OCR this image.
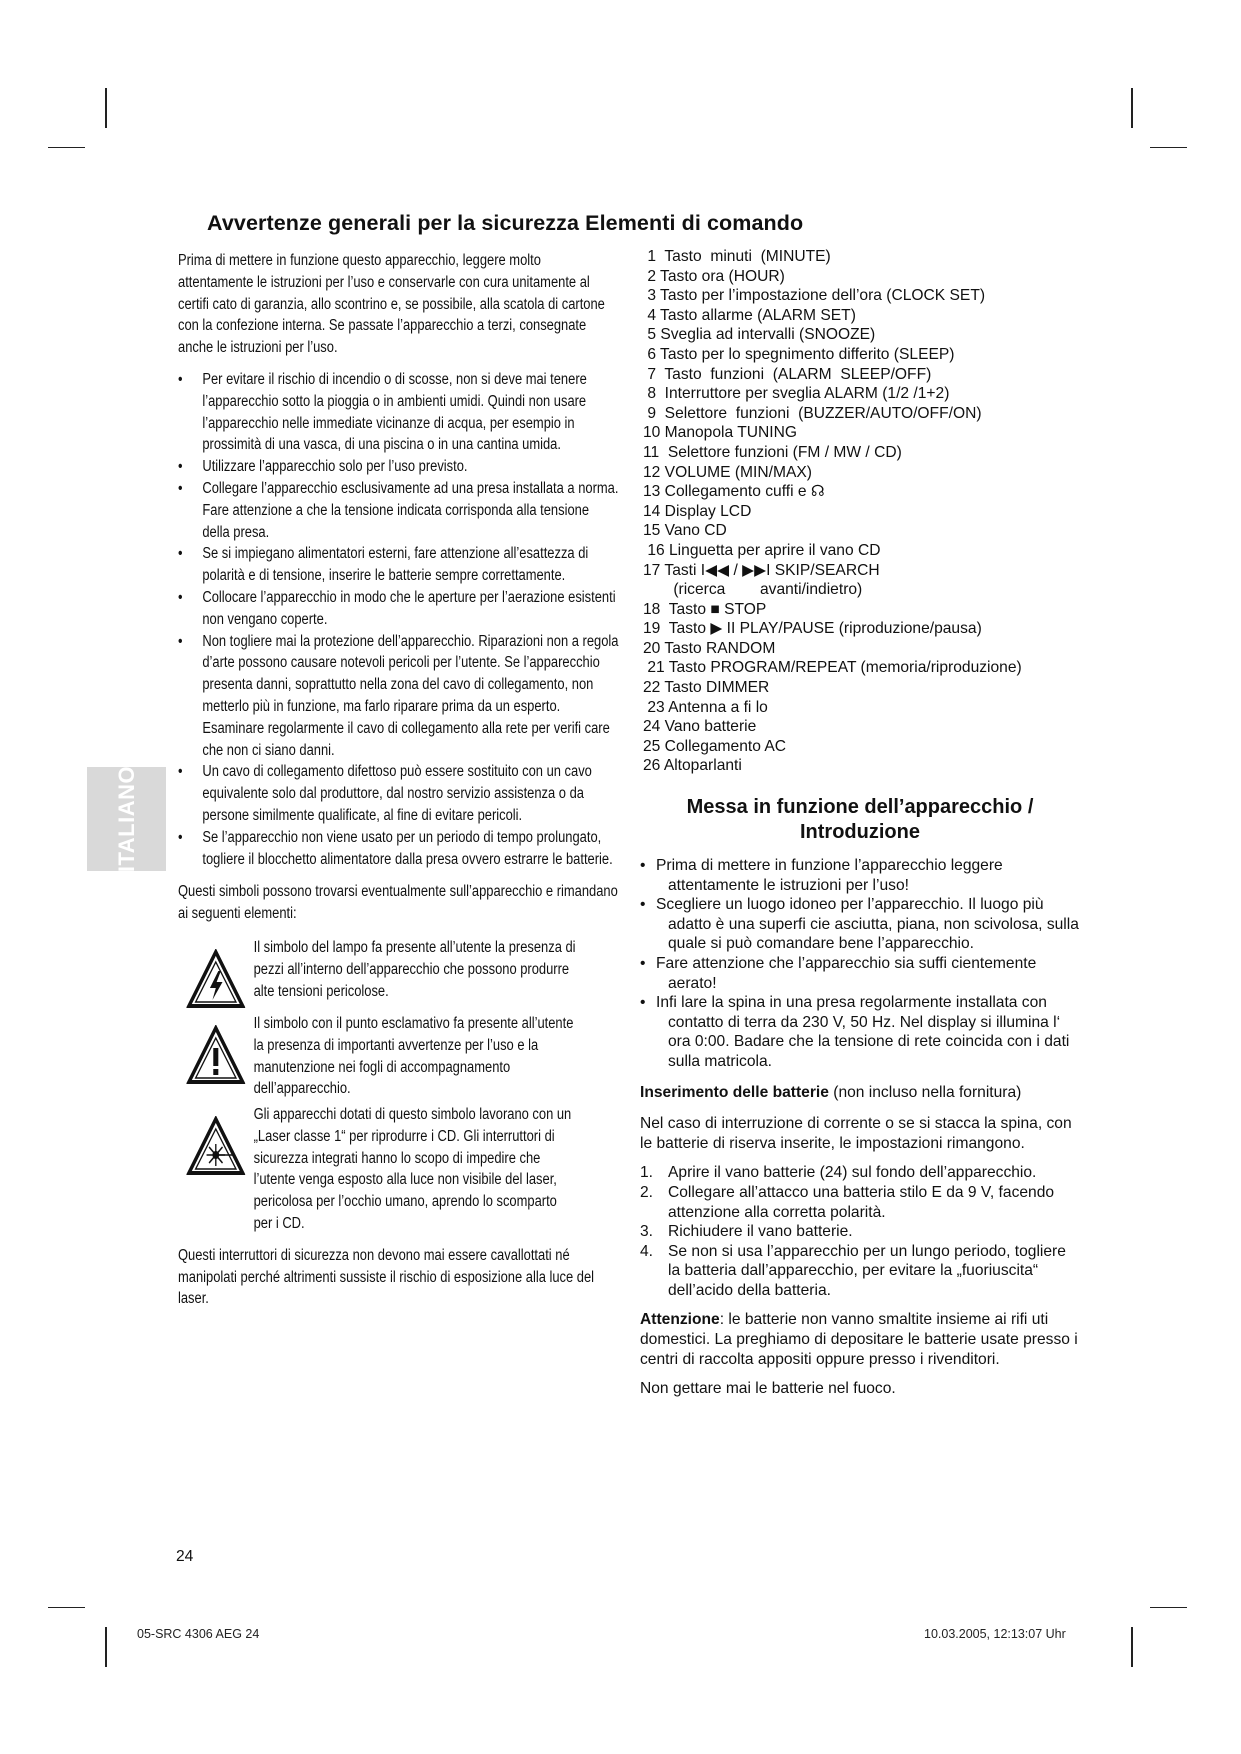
Avvertenze generali per la sicurezza Elementi di comando
ITALIANO

Prima di mettere in funzione questo apparecchio, leggere molto attentamente le istruzioni per l’uso e conservarle con cura unitamente al certifi cato di garanzia, allo scontrino e, se possibile, alla scatola di cartone con la confezione interna. Se passate l’apparecchio a terzi, consegnate anche le istruzioni per l’uso.

• Per evitare il rischio di incendio o di scosse, non si deve mai tenere l’apparecchio sotto la pioggia o in ambienti umidi. Quindi non usare l’apparecchio nelle immediate vicinanze di acqua, per esempio in prossimità di una vasca, di una piscina o in una cantina umida.
• Utilizzare l’apparecchio solo per l’uso previsto.
• Collegare l’apparecchio esclusivamente ad una presa installata a norma. Fare attenzione a che la tensione indicata corrisponda alla tensione della presa.
• Se si impiegano alimentatori esterni, fare attenzione all’esattezza di polarità e di tensione, inserire le batterie sempre correttamente.
• Collocare l’apparecchio in modo che le aperture per l’aerazione esistenti non vengano coperte.
• Non togliere mai la protezione dell’apparecchio. Riparazioni non a regola d’arte possono causare notevoli pericoli per l’utente. Se l’apparecchio presenta danni, soprattutto nella zona del cavo di collegamento, non metterlo più in funzione, ma farlo riparare prima da un esperto. Esaminare regolarmente il cavo di collegamento alla rete per verifi care che non ci siano danni.
• Un cavo di collegamento difettoso può essere sostituito con un cavo equivalente solo dal produttore, dal nostro servizio assistenza o da persone similmente qualificate, al fine di evitare pericoli.
• Se l’apparecchio non viene usato per un periodo di tempo prolungato, togliere il blocchetto alimentatore dalla presa ovvero estrarre le batterie.

Questi simboli possono trovarsi eventualmente sull’apparecchio e rimandano ai seguenti elementi:

Il simbolo del lampo fa presente all’utente la presenza di pezzi all’interno dell’apparecchio che possono produrre alte tensioni pericolose.
Il simbolo con il punto esclamativo fa presente all’utente la presenza di importanti avvertenze per l’uso e la manutenzione nei fogli di accompagnamento dell’apparecchio.
Gli apparecchi dotati di questo simbolo lavorano con un „Laser classe 1“ per riprodurre i CD. Gli interruttori di sicurezza integrati hanno lo scopo di impedire che l’utente venga esposto alla luce non visibile del laser, pericolosa per l’occhio umano, aprendo lo scomparto per i CD.

Questi interruttori di sicurezza non devono mai essere cavallottati né manipolati perché altrimenti sussiste il rischio di esposizione alla luce del laser.

1  Tasto  minuti  (MINUTE)
2 Tasto ora (HOUR)
3 Tasto per l’impostazione dell’ora (CLOCK SET)
4 Tasto allarme (ALARM SET)
5 Sveglia ad intervalli (SNOOZE)
6 Tasto per lo spegnimento differito (SLEEP)
7  Tasto  funzioni  (ALARM  SLEEP/OFF)
8  Interruttore per sveglia ALARM (1/2 /1+2)
9  Selettore  funzioni  (BUZZER/AUTO/OFF/ON)
10 Manopola TUNING
11  Selettore funzioni (FM / MW / CD)
12 VOLUME (MIN/MAX)
13 Collegamento cuffi e ☊
14 Display LCD
15 Vano CD
16 Linguetta per aprire il vano CD
17 Tasti I◀◀ / ▶▶I SKIP/SEARCH
(ricerca        avanti/indietro)
18  Tasto ■ STOP
19  Tasto ▶ II PLAY/PAUSE (riproduzione/pausa)
20 Tasto RANDOM
21 Tasto PROGRAM/REPEAT (memoria/riproduzione)
22 Tasto DIMMER
23 Antenna a fi lo
24 Vano batterie
25 Collegamento AC
26 Altoparlanti
Messa in funzione dell’apparecchio / Introduzione
• Prima di mettere in funzione l’apparecchio leggere attentamente le istruzioni per l’uso!
• Scegliere un luogo idoneo per l’apparecchio. Il luogo più adatto è una superfi cie asciutta, piana, non scivolosa, sulla quale si può comandare bene l’apparecchio.
• Fare attenzione che l’apparecchio sia suffi cientemente aerato!
• Infi lare la spina in una presa regolarmente installata con contatto di terra da 230 V, 50 Hz. Nel display si illumina l‘ ora 0:00. Badare che la tensione di rete coincida con i dati sulla matricola.

Inserimento delle batterie (non incluso nella fornitura)

Nel caso di interruzione di corrente o se si stacca la spina, con le batterie di riserva inserite, le impostazioni rimangono.

1. Aprire il vano batterie (24) sul fondo dell’apparecchio.
2. Collegare all’attacco una batteria stilo E da 9 V, facendo attenzione alla corretta polarità.
3. Richiudere il vano batterie.
4. Se non si usa l’apparecchio per un lungo periodo, togliere la batteria dall’apparecchio, per evitare la „fuoriuscita“ dell’acido della batteria.

Attenzione: le batterie non vanno smaltite insieme ai rifi uti domestici. La preghiamo di depositare le batterie usate presso i centri di raccolta appositi oppure presso i rivenditori.

Non gettare mai le batterie nel fuoco.

24
05-SRC 4306 AEG 24	10.03.2005, 12:13:07 Uhr
